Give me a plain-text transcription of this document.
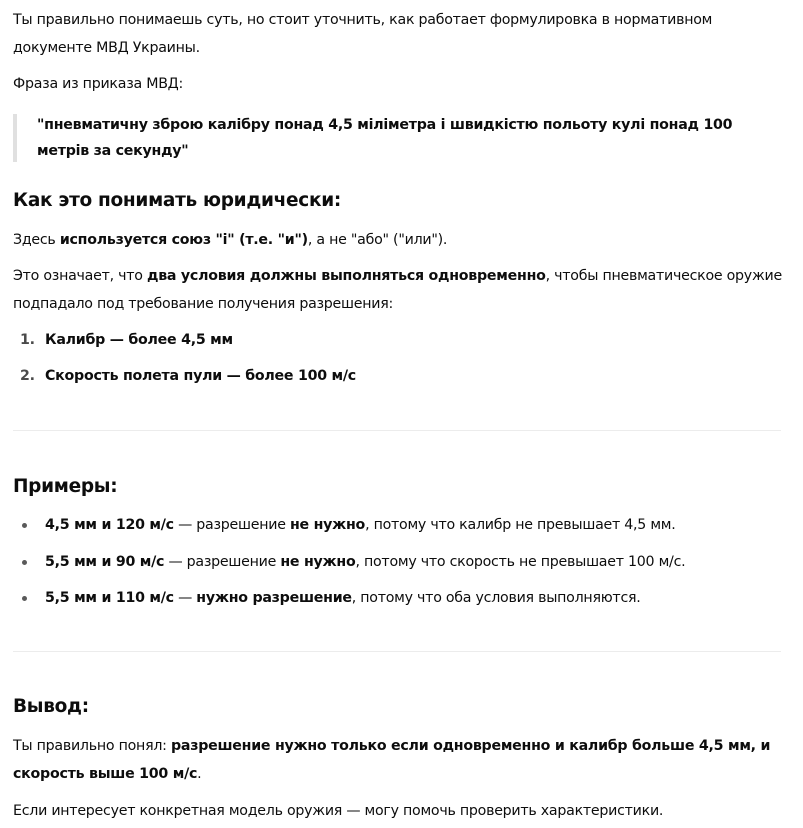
Ты правильно понимаешь суть, но стоит уточнить, как работает формулировка в нормативном документе МВД Украины.

Фраза из приказа МВД:

"пневматичну зброю калібру понад 4,5 міліметра і швидкістю польоту кулі понад 100 метрів за секунду"

Как это понимать юридически:

Здесь используется союз "і" (т.е. "и"), а не "або" ("или").

Это означает, что два условия должны выполняться одновременно, чтобы пневматическое оружие подпадало под требование получения разрешения:

1. Калибр — более 4,5 мм
2. Скорость полета пули — более 100 м/с
Примеры:
4,5 мм и 120 м/с — разрешение не нужно, потому что калибр не превышает 4,5 мм.
5,5 мм и 90 м/с — разрешение не нужно, потому что скорость не превышает 100 м/с.
5,5 мм и 110 м/с — нужно разрешение, потому что оба условия выполняются.
Вывод:

Ты правильно понял: разрешение нужно только если одновременно и калибр больше 4,5 мм, и скорость выше 100 м/с.

Если интересует конкретная модель оружия — могу помочь проверить характеристики.
